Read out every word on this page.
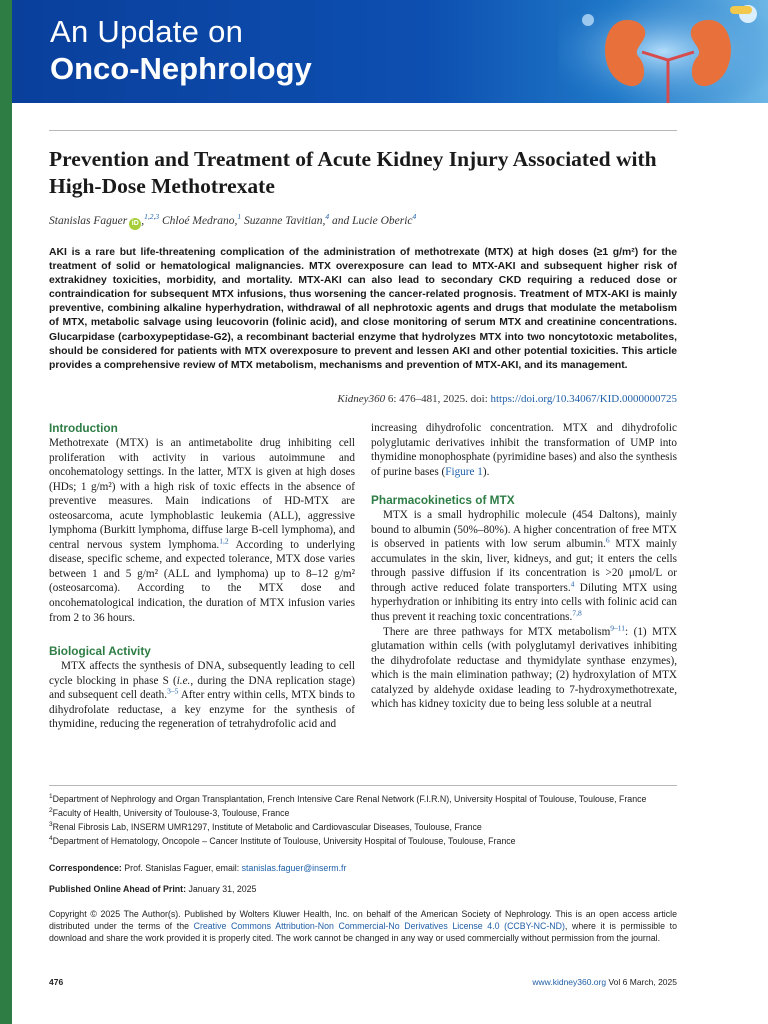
An Update on
Onco-Nephrology
Prevention and Treatment of Acute Kidney Injury Associated with High-Dose Methotrexate
Stanislas Faguer iD ,$^{1,2,3}$ Chloé Medrano,$^1$ Suzanne Tavitian,$^4$ and Lucie Oberic$^4$
AKI is a rare but life-threatening complication of the administration of methotrexate (MTX) at high doses (≥1 g/m²) for the treatment of solid or hematological malignancies. MTX overexposure can lead to MTX-AKI and subsequent higher risk of extrakidney toxicities, morbidity, and mortality. MTX-AKI can also lead to secondary CKD requiring a reduced dose or contraindication for subsequent MTX infusions, thus worsening the cancer-related prognosis. Treatment of MTX-AKI is mainly preventive, combining alkaline hyperhydration, withdrawal of all nephrotoxic agents and drugs that modulate the metabolism of MTX, metabolic salvage using leucovorin (folinic acid), and close monitoring of serum MTX and creatinine concentrations. Glucarpidase (carboxypeptidase-G2), a recombinant bacterial enzyme that hydrolyzes MTX into two noncytotoxic metabolites, should be considered for patients with MTX overexposure to prevent and lessen AKI and other potential toxicities. This article provides a comprehensive review of MTX metabolism, mechanisms and prevention of MTX-AKI, and its management.
Kidney360 6: 476–481, 2025. doi: https://doi.org/10.34067/KID.0000000725
Introduction

Methotrexate (MTX) is an antimetabolite drug inhibiting cell proliferation with activity in various autoimmune and oncohematology settings. In the latter, MTX is given at high doses (HDs; 1 g/m²) with a high risk of toxic effects in the absence of preventive measures. Main indications of HD-MTX are osteosarcoma, acute lymphoblastic leukemia (ALL), aggressive lymphoma (Burkitt lymphoma, diffuse large B-cell lymphoma), and central nervous system lymphoma.$^{1,2}$ According to underlying disease, specific scheme, and expected tolerance, MTX dose varies between 1 and 5 g/m² (ALL and lymphoma) up to 8–12 g/m² (osteosarcoma). According to the MTX dose and oncohematological indication, the duration of MTX infusion varies from 2 to 36 hours.

Biological Activity

MTX affects the synthesis of DNA, subsequently leading to cell cycle blocking in phase S (i.e., during the DNA replication stage) and subsequent cell death.$^{3-5}$ After entry within cells, MTX binds to dihydrofolate reductase, a key enzyme for the synthesis of thymidine, reducing the regeneration of tetrahydrofolic acid and

increasing dihydrofolic concentration. MTX and dihydrofolic polyglutamic derivatives inhibit the transformation of UMP into thymidine monophosphate (pyrimidine bases) and also the synthesis of purine bases (Figure 1).

Pharmacokinetics of MTX

MTX is a small hydrophilic molecule (454 Daltons), mainly bound to albumin (50%–80%). A higher concentration of free MTX is observed in patients with low serum albumin.$^6$ MTX mainly accumulates in the skin, liver, kidneys, and gut; it enters the cells through passive diffusion if its concentration is >20 μmol/L or through active reduced folate transporters.$^4$ Diluting MTX using hyperhydration or inhibiting its entry into cells with folinic acid can thus prevent it reaching toxic concentrations.$^{7,8}$

There are three pathways for MTX metabolism$^{9-11}$: (1) MTX glutamation within cells (with polyglutamyl derivatives inhibiting the dihydrofolate reductase and thymidylate synthase enzymes), which is the main elimination pathway; (2) hydroxylation of MTX catalyzed by aldehyde oxidase leading to 7-hydroxymethotrexate, which has kidney toxicity due to being less soluble at a neutral

$^1$Department of Nephrology and Organ Transplantation, French Intensive Care Renal Network (F.I.R.N), University Hospital of Toulouse, Toulouse, France
$^2$Faculty of Health, University of Toulouse-3, Toulouse, France
$^3$Renal Fibrosis Lab, INSERM UMR1297, Institute of Metabolic and Cardiovascular Diseases, Toulouse, France
$^4$Department of Hematology, Oncopole – Cancer Institute of Toulouse, University Hospital of Toulouse, Toulouse, France
Correspondence: Prof. Stanislas Faguer, email: stanislas.faguer@inserm.fr
Published Online Ahead of Print: January 31, 2025
Copyright © 2025 The Author(s). Published by Wolters Kluwer Health, Inc. on behalf of the American Society of Nephrology. This is an open access article distributed under the terms of the Creative Commons Attribution-Non Commercial-No Derivatives License 4.0 (CCBY-NC-ND), where it is permissible to download and share the work provided it is properly cited. The work cannot be changed in any way or used commercially without permission from the journal.
476	www.kidney360.org Vol 6 March, 2025
